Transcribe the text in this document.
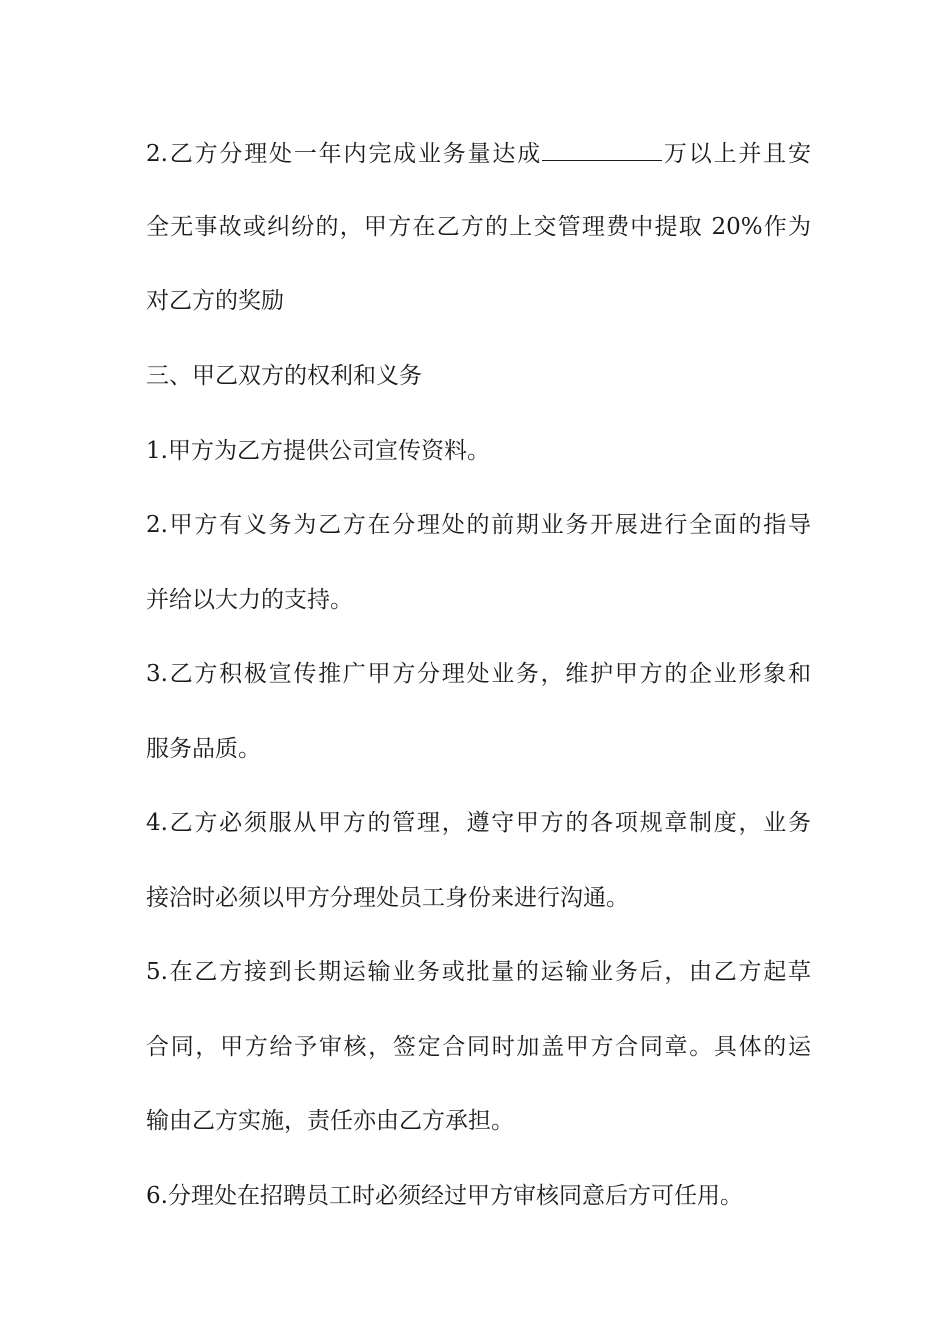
2.乙方分理处一年内完成业务量达成	万以上并且安
全无事故或纠纷的，甲方在乙方的上交管理费中提取 20%作为
对乙方的奖励
三、甲乙双方的权利和义务
1.甲方为乙方提供公司宣传资料。
2.甲方有义务为乙方在分理处的前期业务开展进行全面的指导
并给以大力的支持。
3.乙方积极宣传推广甲方分理处业务，维护甲方的企业形象和
服务品质。
4.乙方必须服从甲方的管理，遵守甲方的各项规章制度，业务
接洽时必须以甲方分理处员工身份来进行沟通。
5.在乙方接到长期运输业务或批量的运输业务后，由乙方起草
合同，甲方给予审核，签定合同时加盖甲方合同章。具体的运
输由乙方实施，责任亦由乙方承担。
6.分理处在招聘员工时必须经过甲方审核同意后方可任用。
